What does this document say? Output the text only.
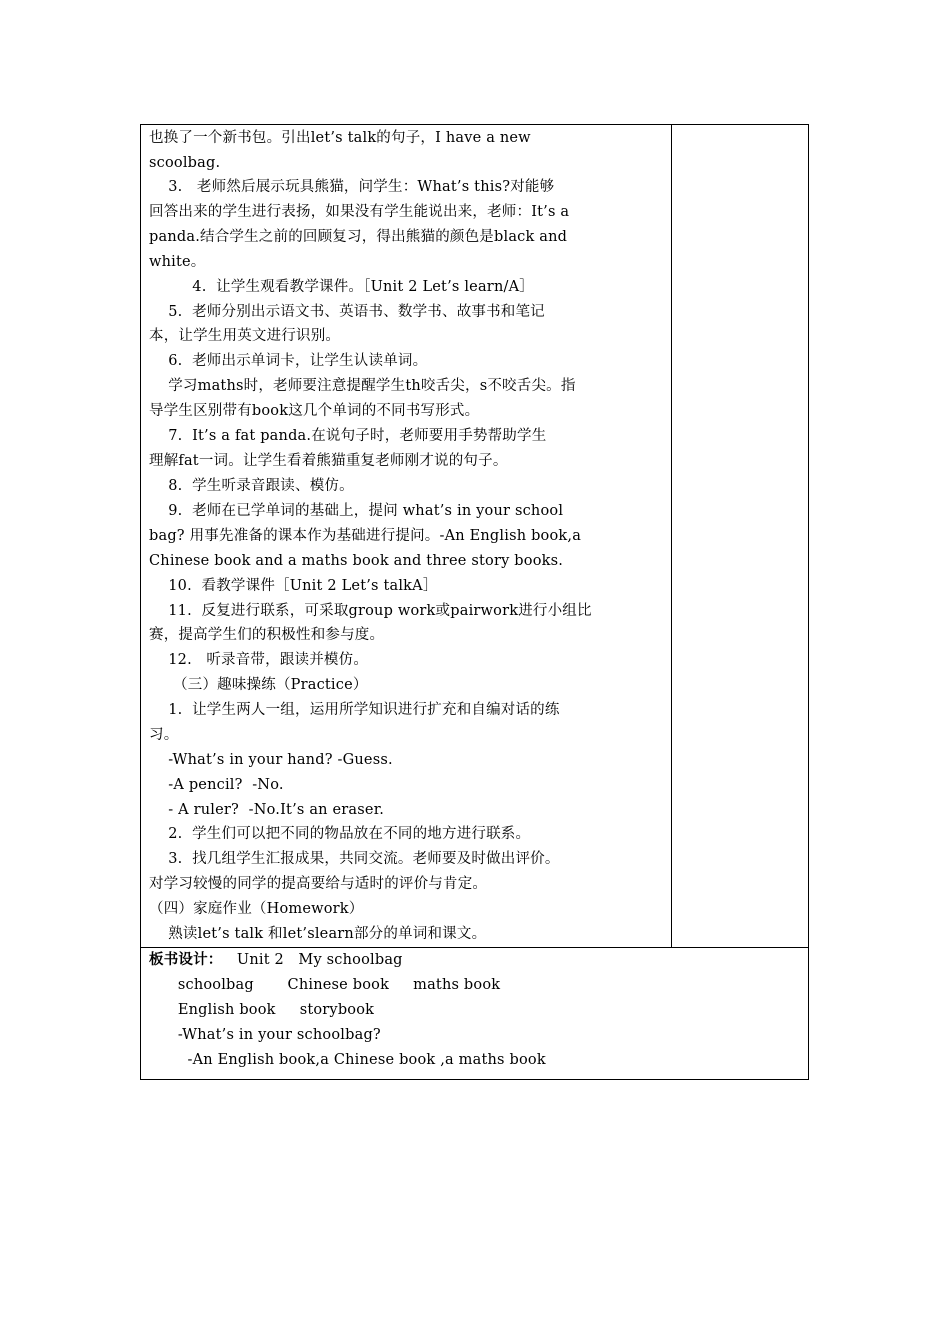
也换了一个新书包。引出let’s talk的句子，I have a new
scoolbag.
3.   老师然后展示玩具熊猫，问学生：What’s this?对能够
回答出来的学生进行表扬，如果没有学生能说出来，老师：It’s a
panda.结合学生之前的回顾复习，得出熊猫的颜色是black and
white。
4.  让学生观看教学课件。［Unit 2 Let’s learn/A］
5.  老师分别出示语文书、英语书、数学书、故事书和笔记
本，让学生用英文进行识别。
6.  老师出示单词卡，让学生认读单词。
学习maths时，老师要注意提醒学生th咬舌尖，s不咬舌尖。指
导学生区别带有book这几个单词的不同书写形式。
7.  It’s a fat panda.在说句子时，老师要用手势帮助学生
理解fat一词。让学生看着熊猫重复老师刚才说的句子。
8.  学生听录音跟读、模仿。
9.  老师在已学单词的基础上，提问 what’s in your school
bag? 用事先准备的课本作为基础进行提问。-An English book,a
Chinese book and a maths book and three story books.
10.  看教学课件［Unit 2 Let’s talkA］
11.  反复进行联系，可采取group work或pairwork进行小组比
赛，提高学生们的积极性和参与度。
12.   听录音带，跟读并模仿。
（三）趣味操练（Practice）
1.  让学生两人一组，运用所学知识进行扩充和自编对话的练
习。
-What’s in your hand? -Guess.
-A pencil?  -No.
- A ruler?  -No.It’s an eraser.
2.  学生们可以把不同的物品放在不同的地方进行联系。
3.  找几组学生汇报成果，共同交流。老师要及时做出评价。
对学习较慢的同学的提高要给与适时的评价与肯定。
（四）家庭作业（Homework）
熟读let’s talk 和let’slearn部分的单词和课文。
板书设计：   Unit 2   My schoolbag
schoolbag       Chinese book     maths book
English book     storybook
-What’s in your schoolbag?
-An English book,a Chinese book ,a maths book
